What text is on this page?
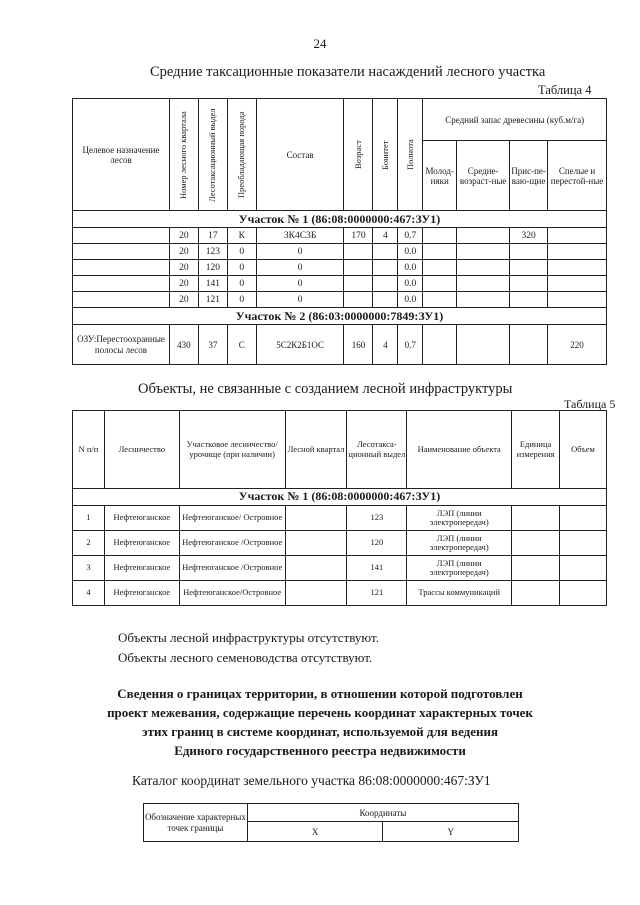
24
Средние таксационные показатели насаждений лесного участка
Таблица 4
Целевое назначение лесов	Номер лесного квартала	Лесотаксационный выдел	Преобладающая порода	Состав	Возраст	Бонитет	Полнота	Средний запас древесины (куб.м/га)			
								Молод-няки	Средне-возраст-ные	Прис-пе-ваю-щие	Спелые и перестой-ные
Участок № 1 (86:08:0000000:467:ЗУ1)											
	20	17	К	3К4С3Б	170	4	0.7			320	
	20	123	0	0			0.0				
	20	120	0	0			0.0				
	20	141	0	0			0.0				
	20	121	0	0			0.0				
Участок № 2 (86:03:0000000:7849:ЗУ1)											
ОЗУ:Перестоохранные полосы лесов	430	37	С	5С2К2Б1ОС	160	4	0.7				220
Объекты, не связанные с созданием лесной инфраструктуры
Таблица 5
N п/п	Лесничество	Участковое лесничество/урочище (при наличии)	Лесной квартал	Лесотакса-ционный выдел	Наименование объекта	Единица измерения	Объем
Участок № 1 (86:08:0000000:467:ЗУ1)							
1	Нефтеюганское	Нефтеюганское/ Островное		123	ЛЭП (линии электропередач)		
2	Нефтеюганское	Нефтеюганское /Островное		120	ЛЭП (линии электропередач)		
3	Нефтеюганское	Нефтеюганское /Островное		141	ЛЭП (линии электропередач)		
4	Нефтеюганское	Нефтеюганское/Островное		121	Трассы коммуникаций		
Объекты лесной инфраструктуры отсутствуют.
Объекты лесного семеноводства отсутствуют.
Сведения о границах территории, в отношении которой подготовлен
проект межевания, содержащие перечень координат характерных точек
этих границ в системе координат, используемой для ведения
Единого государственного реестра недвижимости
Каталог координат земельного участка 86:08:0000000:467:ЗУ1
Обозначение характерных точек границы	Координаты	
	X	Y
